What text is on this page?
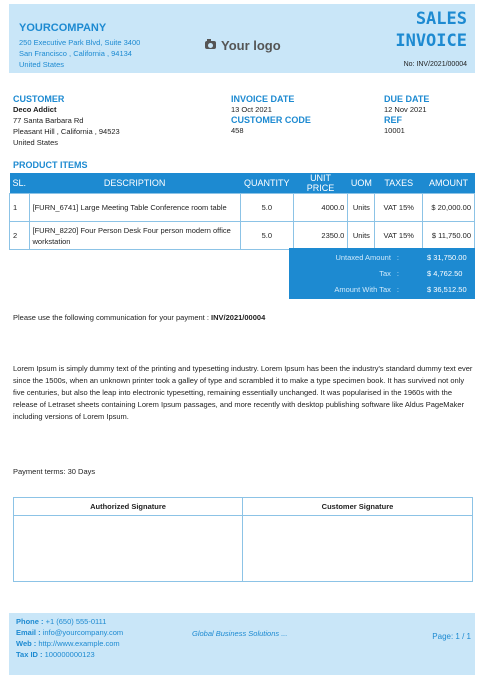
YOURCOMPANY
250 Executive Park Blvd, Suite 3400
San Francisco , California , 94134
United States
Your logo
SALES
INVOICE
No: INV/2021/00004
CUSTOMER
Deco Addict
77 Santa Barbara Rd
Pleasant Hill , California , 94523
United States
INVOICE DATE
13 Oct 2021
CUSTOMER CODE
458
DUE DATE
12 Nov 2021
REF
10001
PRODUCT ITEMS
SL.	DESCRIPTION	QUANTITY	UNIT PRICE	UOM	TAXES	AMOUNT
1	[FURN_6741] Large Meeting Table Conference room table	5.0	4000.0	Units	VAT 15%	$ 20,000.00
2	[FURN_8220] Four Person Desk Four person modern office workstation	5.0	2350.0	Units	VAT 15%	$ 11,750.00
Untaxed Amount :	$ 31,750.00
Tax :	$ 4,762.50
Amount With Tax :	$ 36,512.50
Please use the following communication for your payment : INV/2021/00004
Lorem Ipsum is simply dummy text of the printing and typesetting industry. Lorem Ipsum has been the industry's standard dummy text ever since the 1500s, when an unknown printer took a galley of type and scrambled it to make a type specimen book. It has survived not only five centuries, but also the leap into electronic typesetting, remaining essentially unchanged. It was popularised in the 1960s with the release of Letraset sheets containing Lorem Ipsum passages, and more recently with desktop publishing software like Aldus PageMaker including versions of Lorem Ipsum.
Payment terms: 30 Days
Authorized Signature	Customer Signature
Phone : +1 (650) 555-0111
Email : info@yourcompany.com
Web : http://www.example.com
Tax ID : 100000000123
Global Business Solutions ...	Page: 1 / 1
